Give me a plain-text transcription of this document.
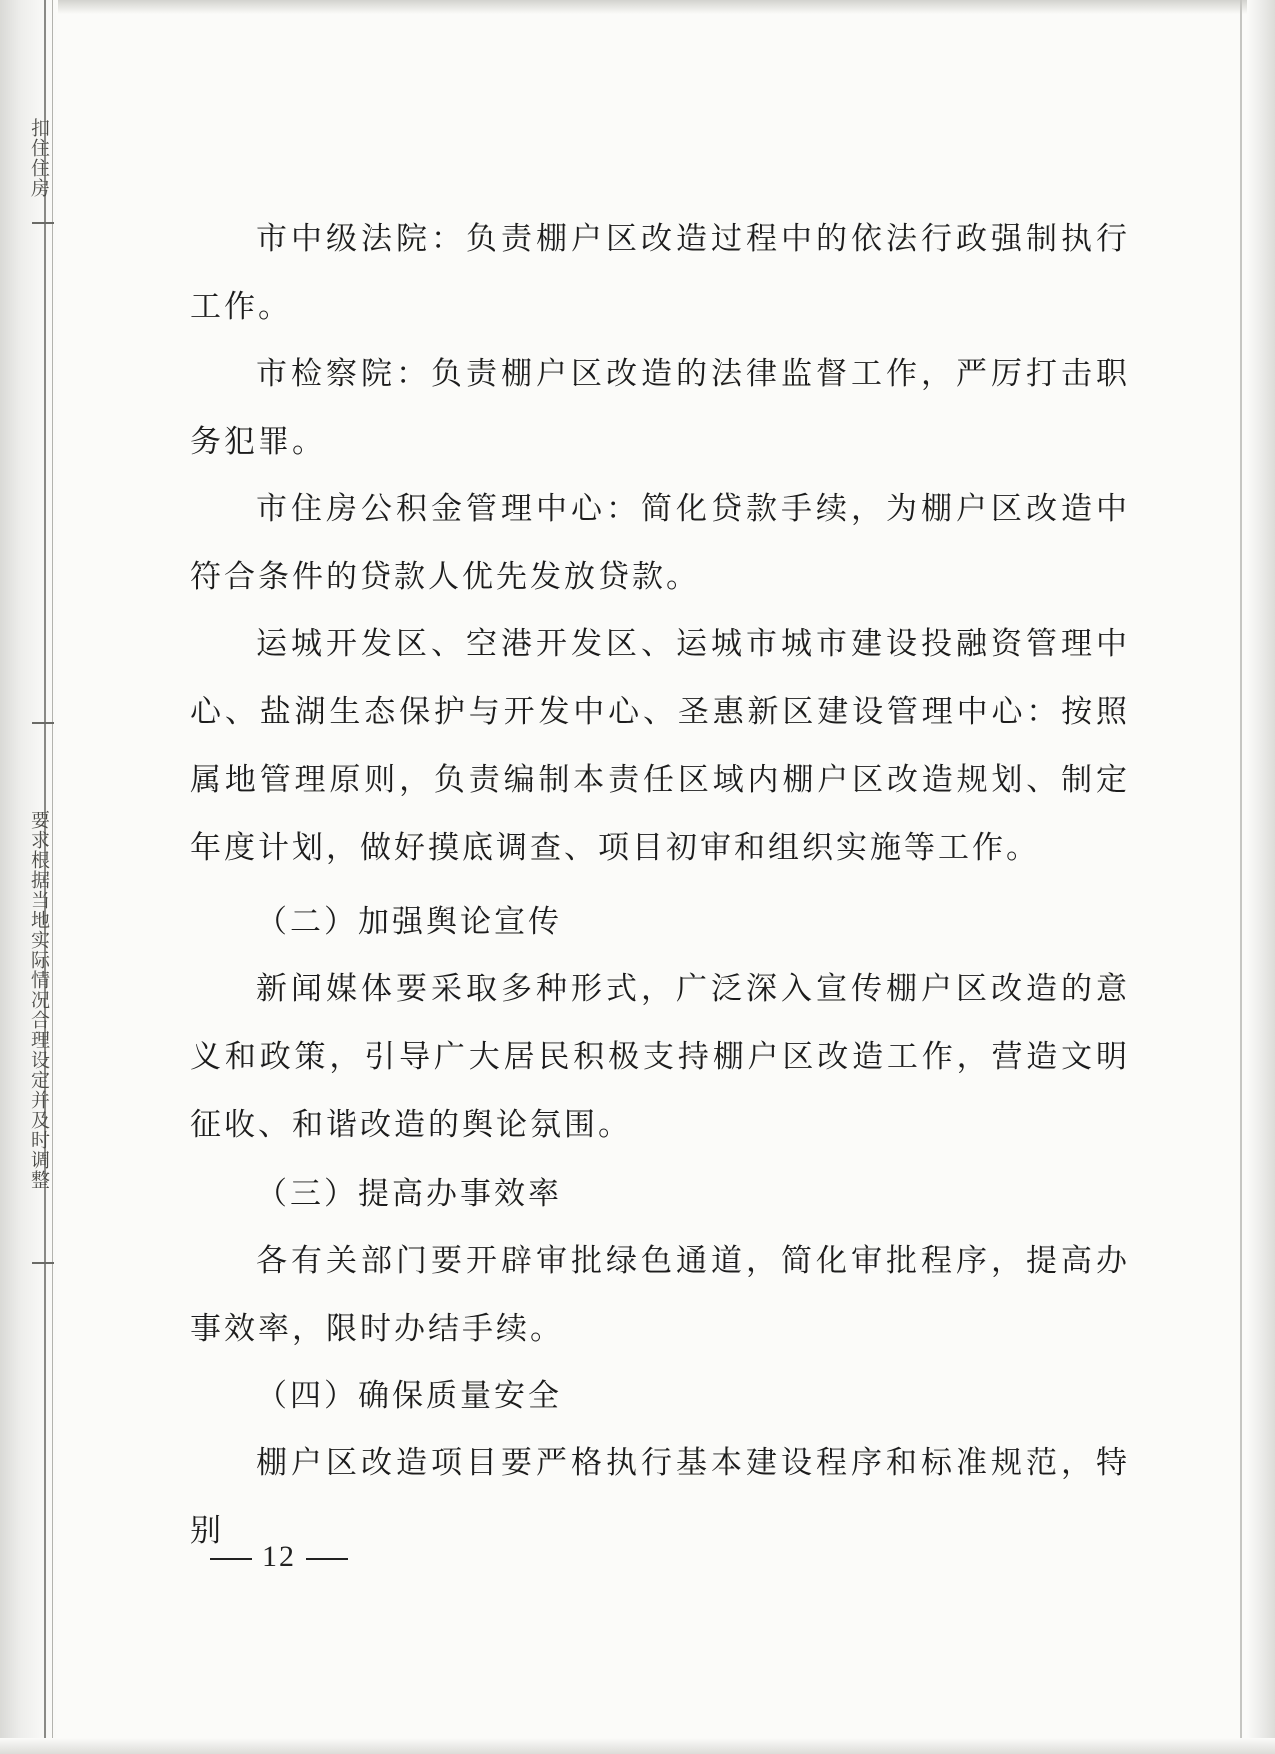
扣住住房
要求根据当地实际情况合理设定并及时调整

市中级法院：负责棚户区改造过程中的依法行政强制执行工作。

市检察院：负责棚户区改造的法律监督工作，严厉打击职务犯罪。

市住房公积金管理中心：简化贷款手续，为棚户区改造中符合条件的贷款人优先发放贷款。

运城开发区、空港开发区、运城市城市建设投融资管理中心、盐湖生态保护与开发中心、圣惠新区建设管理中心：按照属地管理原则，负责编制本责任区域内棚户区改造规划、制定年度计划，做好摸底调查、项目初审和组织实施等工作。

（二）加强舆论宣传

新闻媒体要采取多种形式，广泛深入宣传棚户区改造的意义和政策，引导广大居民积极支持棚户区改造工作，营造文明征收、和谐改造的舆论氛围。

（三）提高办事效率

各有关部门要开辟审批绿色通道，简化审批程序，提高办事效率，限时办结手续。

（四）确保质量安全

棚户区改造项目要严格执行基本建设程序和标准规范，特别

12
